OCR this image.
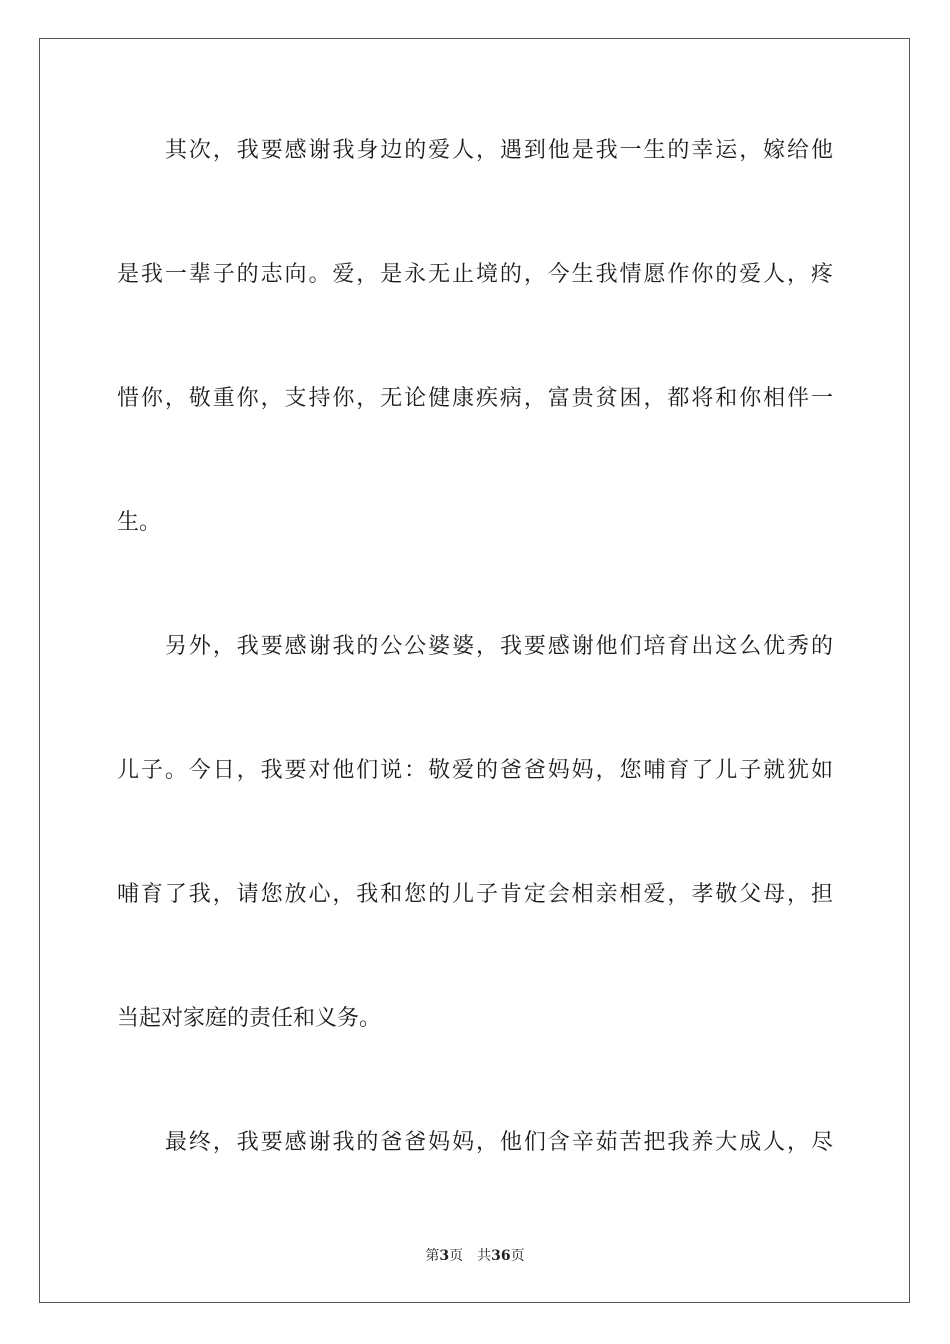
其次，我要感谢我身边的爱人，遇到他是我一生的幸运，嫁给他
是我一辈子的志向。爱，是永无止境的，今生我情愿作你的爱人，疼
惜你，敬重你，支持你，无论健康疾病，富贵贫困，都将和你相伴一
生。
另外，我要感谢我的公公婆婆，我要感谢他们培育出这么优秀的
儿子。今日，我要对他们说：敬爱的爸爸妈妈，您哺育了儿子就犹如
哺育了我，请您放心，我和您的儿子肯定会相亲相爱，孝敬父母，担
当起对家庭的责任和义务。
最终，我要感谢我的爸爸妈妈，他们含辛茹苦把我养大成人，尽
第3页 共36页
